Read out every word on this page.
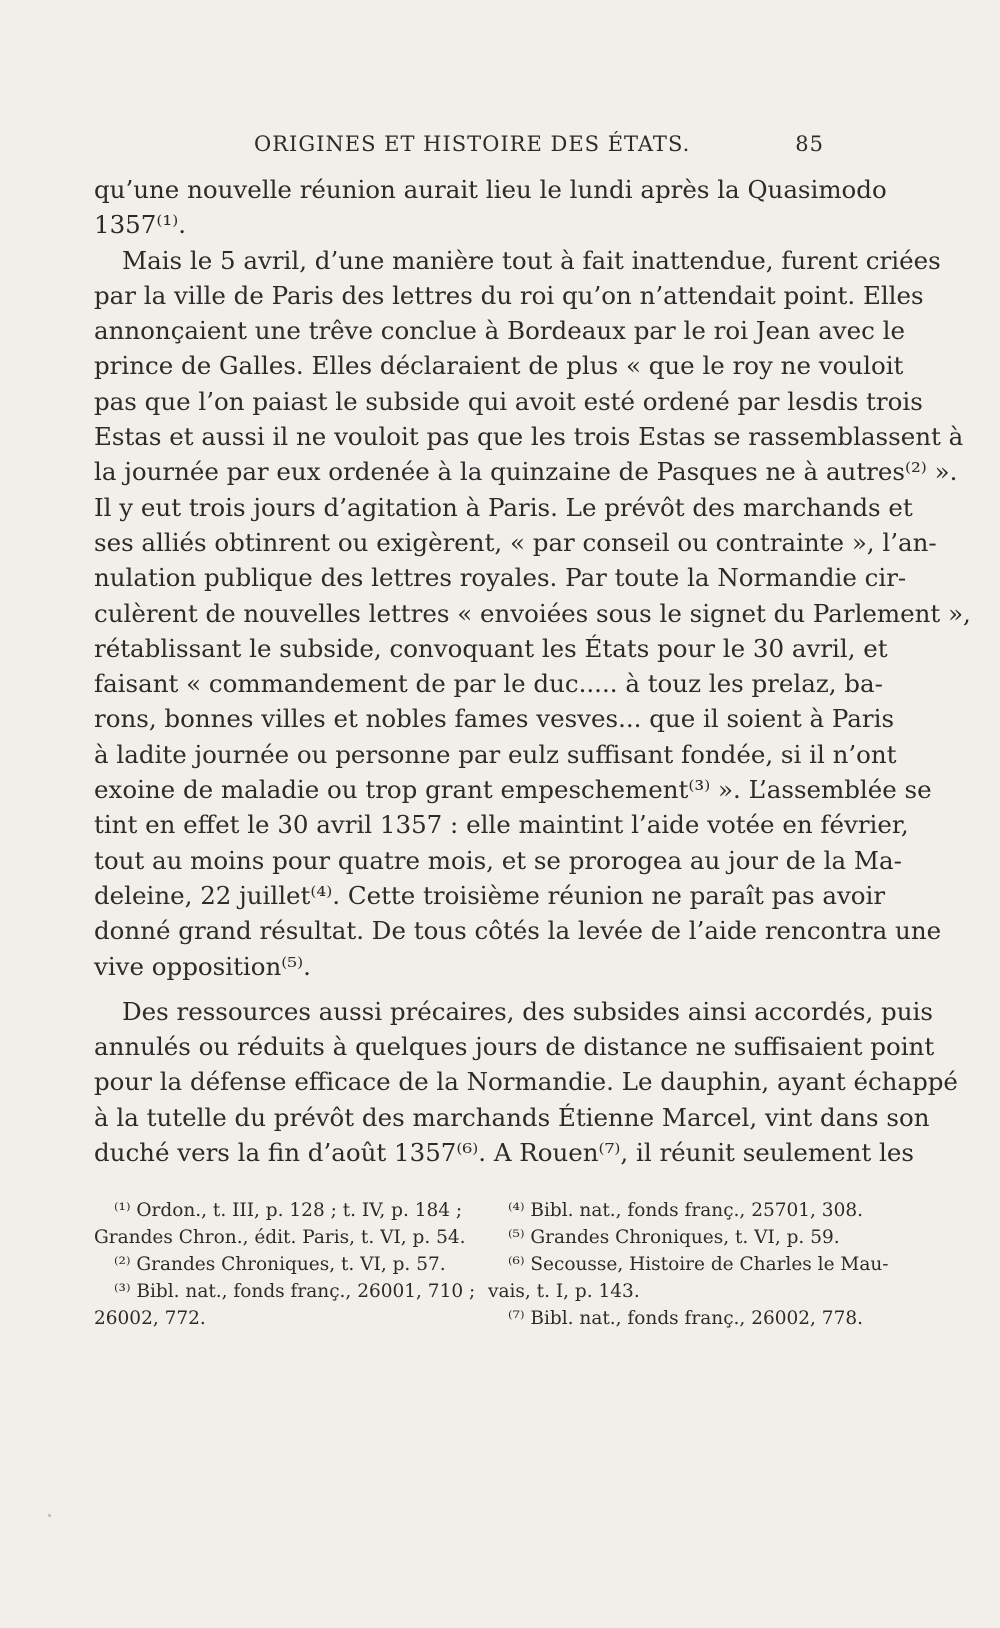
ORIGINES ET HISTOIRE DES ÉTATS.	85
qu’une nouvelle réunion aurait lieu le lundi après la Quasimodo
1357⁽¹⁾.
Mais le 5 avril, d’une manière tout à fait inattendue, furent criées
par la ville de Paris des lettres du roi qu’on n’attendait point. Elles
annonçaient une trêve conclue à Bordeaux par le roi Jean avec le
prince de Galles. Elles déclaraient de plus « que le roy ne vouloit
pas que l’on paiast le subside qui avoit esté ordené par lesdis trois
Estas et aussi il ne vouloit pas que les trois Estas se rassemblassent à
la journée par eux ordenée à la quinzaine de Pasques ne à autres⁽²⁾ ».
Il y eut trois jours d’agitation à Paris. Le prévôt des marchands et
ses alliés obtinrent ou exigèrent, « par conseil ou contrainte », l’an-
nulation publique des lettres royales. Par toute la Normandie cir-
culèrent de nouvelles lettres « envoiées sous le signet du Parlement »,
rétablissant le subside, convoquant les États pour le 30 avril, et
faisant « commandement de par le duc..... à touz les prelaz, ba-
rons, bonnes villes et nobles fames vesves... que il soient à Paris
à ladite journée ou personne par eulz suffisant fondée, si il n’ont
exoine de maladie ou trop grant empeschement⁽³⁾ ». L’assemblée se
tint en effet le 30 avril 1357 : elle maintint l’aide votée en février,
tout au moins pour quatre mois, et se prorogea au jour de la Ma-
deleine, 22 juillet⁽⁴⁾. Cette troisième réunion ne paraît pas avoir
donné grand résultat. De tous côtés la levée de l’aide rencontra une
vive opposition⁽⁵⁾.
Des ressources aussi précaires, des subsides ainsi accordés, puis
annulés ou réduits à quelques jours de distance ne suffisaient point
pour la défense efficace de la Normandie. Le dauphin, ayant échappé
à la tutelle du prévôt des marchands Étienne Marcel, vint dans son
duché vers la fin d’août 1357⁽⁶⁾. A Rouen⁽⁷⁾, il réunit seulement les
⁽¹⁾ Ordon., t. III, p. 128 ; t. IV, p. 184 ;
Grandes Chron., édit. Paris, t. VI, p. 54.
⁽²⁾ Grandes Chroniques, t. VI, p. 57.
⁽³⁾ Bibl. nat., fonds franç., 26001, 710 ;
26002, 772.
⁽⁴⁾ Bibl. nat., fonds franç., 25701, 308.
⁽⁵⁾ Grandes Chroniques, t. VI, p. 59.
⁽⁶⁾ Secousse, Histoire de Charles le Mau-
vais, t. I, p. 143.
⁽⁷⁾ Bibl. nat., fonds franç., 26002, 778.
